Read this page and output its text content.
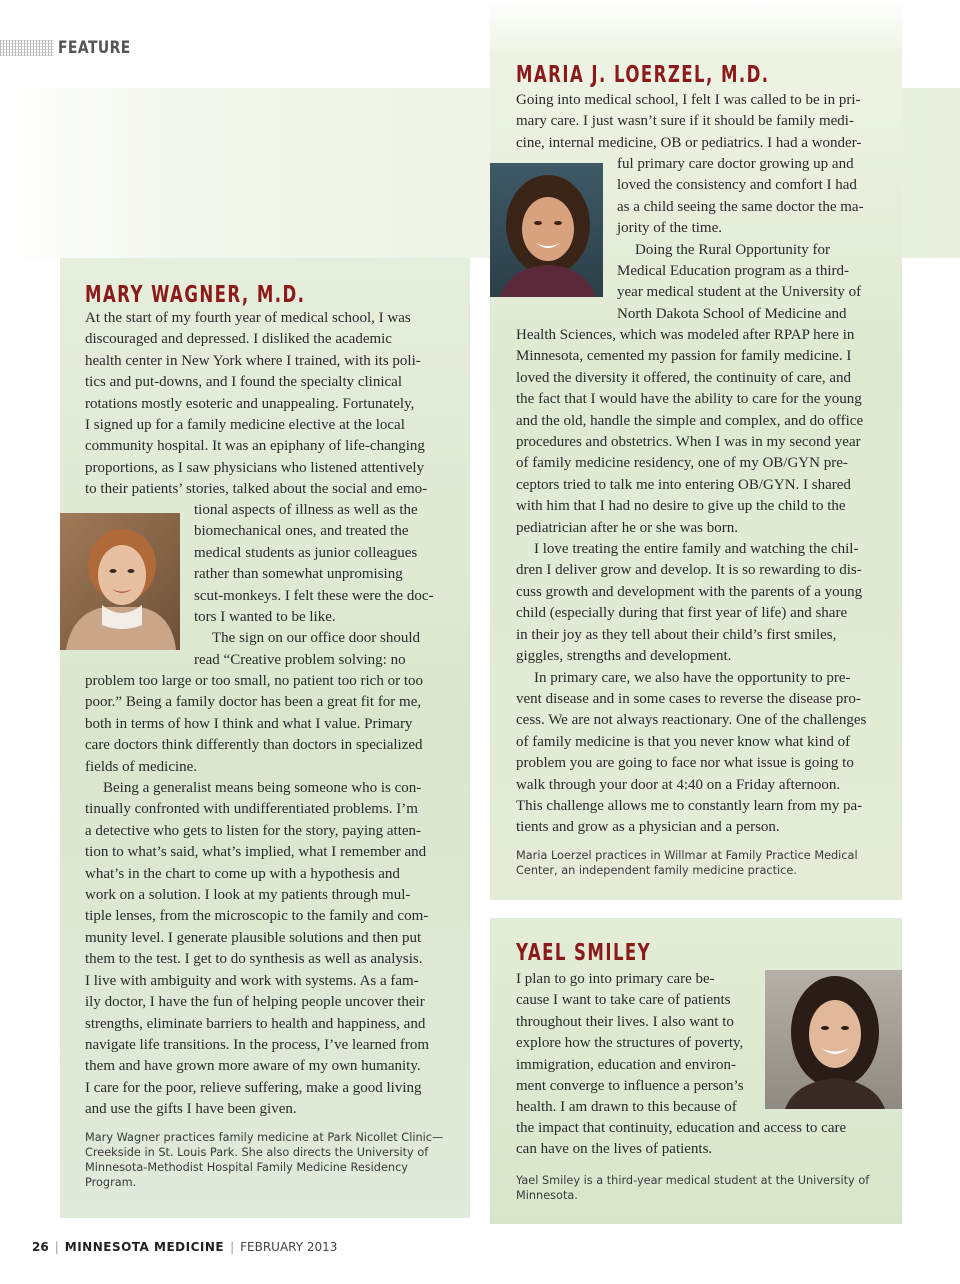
FEATURE
MARIA J. LOERZEL, M.D.

Going into medical school, I felt I was called to be in pri-

mary care. I just wasn’t sure if it should be family medi-

cine, internal medicine, OB or pediatrics. I had a wonder-

ful primary care doctor growing up and

loved the consistency and comfort I had

as a child seeing the same doctor the ma-

jority of the time.

Doing the Rural Opportunity for

Medical Education program as a third-

year medical student at the University of

North Dakota School of Medicine and

Health Sciences, which was modeled after RPAP here in

Minnesota, cemented my passion for family medicine. I

loved the diversity it offered, the continuity of care, and

the fact that I would have the ability to care for the young

and the old, handle the simple and complex, and do office

procedures and obstetrics. When I was in my second year

of family medicine residency, one of my OB/GYN pre-

ceptors tried to talk me into entering OB/GYN. I shared

with him that I had no desire to give up the child to the

pediatrician after he or she was born.

I love treating the entire family and watching the chil-

dren I deliver grow and develop. It is so rewarding to dis-

cuss growth and development with the parents of a young

child (especially during that first year of life) and share

in their joy as they tell about their child’s first smiles,

giggles, strengths and development.

In primary care, we also have the opportunity to pre-

vent disease and in some cases to reverse the disease pro-

cess. We are not always reactionary. One of the challenges

of family medicine is that you never know what kind of

problem you are going to face nor what issue is going to

walk through your door at 4:40 on a Friday afternoon.

This challenge allows me to constantly learn from my pa-

tients and grow as a physician and a person.

Maria Loerzel practices in Willmar at Family Practice Medical
Center, an independent family medicine practice.
MARY WAGNER, M.D.

At the start of my fourth year of medical school, I was

discouraged and depressed. I disliked the academic

health center in New York where I trained, with its poli-

tics and put-downs, and I found the specialty clinical

rotations mostly esoteric and unappealing. Fortunately,

I signed up for a family medicine elective at the local

community hospital. It was an epiphany of life-changing

proportions, as I saw physicians who listened attentively

to their patients’ stories, talked about the social and emo-

tional aspects of illness as well as the

biomechanical ones, and treated the

medical students as junior colleagues

rather than somewhat unpromising

scut-monkeys. I felt these were the doc-

tors I wanted to be like.

The sign on our office door should

read “Creative problem solving: no

problem too large or too small, no patient too rich or too

poor.” Being a family doctor has been a great fit for me,

both in terms of how I think and what I value. Primary

care doctors think differently than doctors in specialized

fields of medicine.

Being a generalist means being someone who is con-

tinually confronted with undifferentiated problems. I’m

a detective who gets to listen for the story, paying atten-

tion to what’s said, what’s implied, what I remember and

what’s in the chart to come up with a hypothesis and

work on a solution. I look at my patients through mul-

tiple lenses, from the microscopic to the family and com-

munity level. I generate plausible solutions and then put

them to the test. I get to do synthesis as well as analysis.

I live with ambiguity and work with systems. As a fam-

ily doctor, I have the fun of helping people uncover their

strengths, eliminate barriers to health and happiness, and

navigate life transitions. In the process, I’ve learned from

them and have grown more aware of my own humanity.

I care for the poor, relieve suffering, make a good living

and use the gifts I have been given.

Mary Wagner practices family medicine at Park Nicollet Clinic—
Creekside in St. Louis Park. She also directs the University of
Minnesota-Methodist Hospital Family Medicine Residency
Program.
YAEL SMILEY

I plan to go into primary care be-

cause I want to take care of patients

throughout their lives. I also want to

explore how the structures of poverty,

immigration, education and environ-

ment converge to influence a person’s

health. I am drawn to this because of

the impact that continuity, education and access to care

can have on the lives of patients.

Yael Smiley is a third-year medical student at the University of
Minnesota.
26 | MINNESOTA MEDICINE | FEBRUARY 2013
